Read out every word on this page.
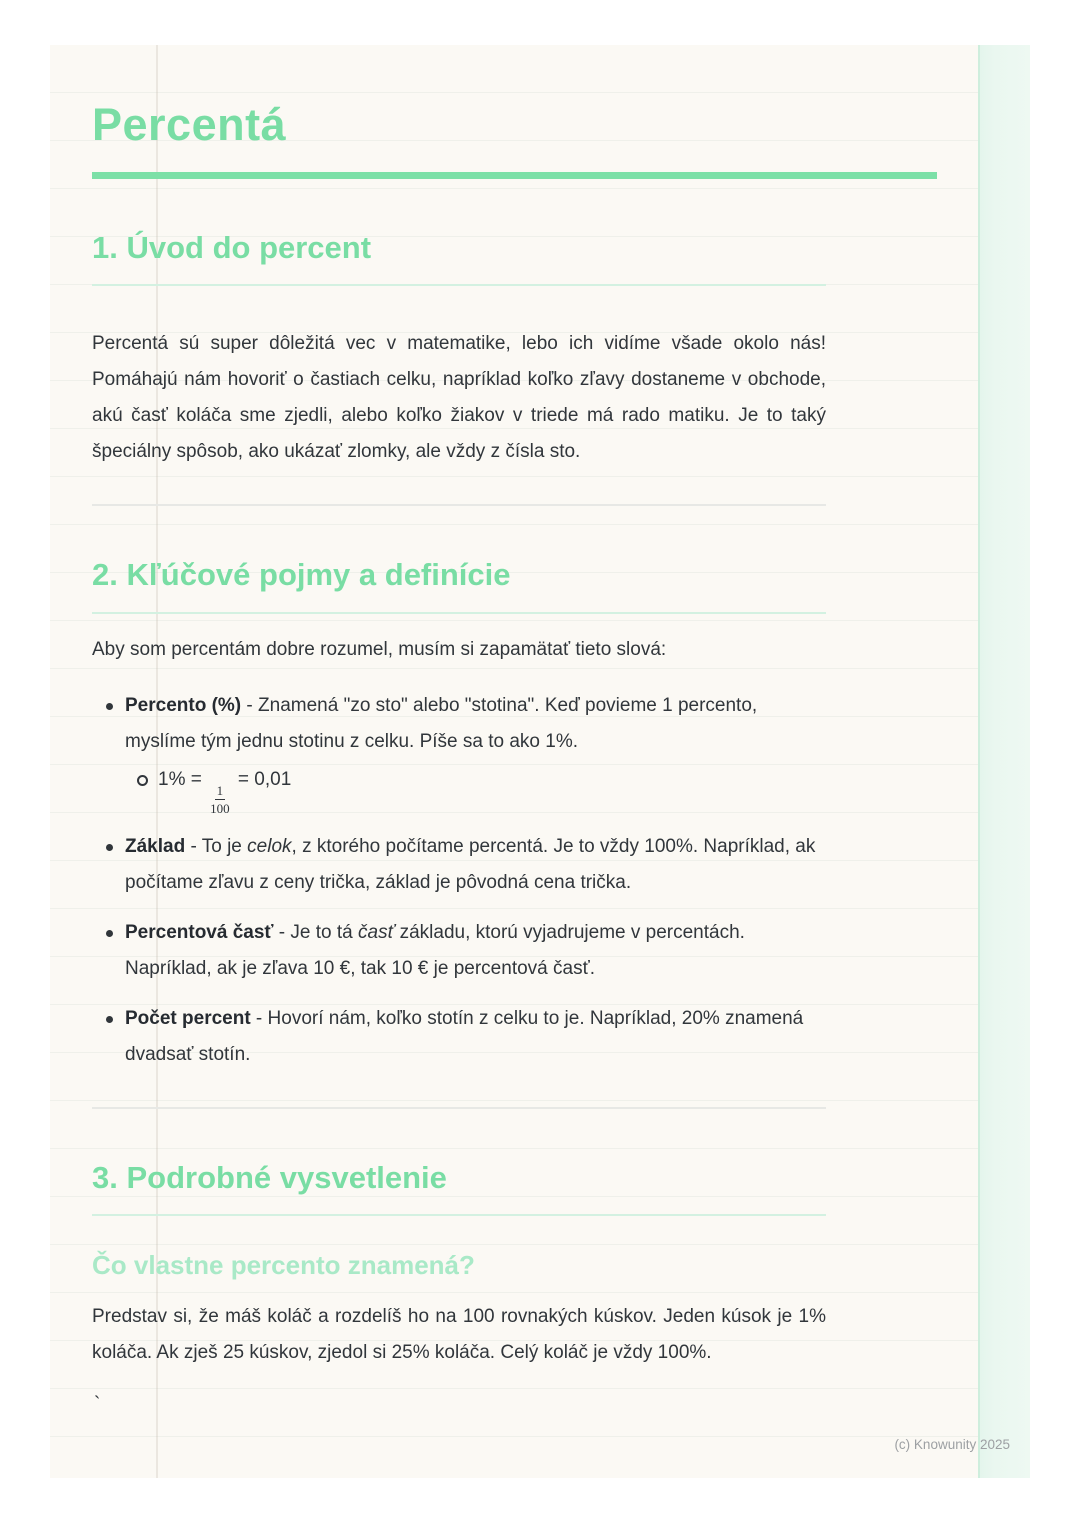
Percentá
1. Úvod do percent

Percentá sú super dôležitá vec v matematike, lebo ich vidíme všade okolo nás! Pomáhajú nám hovoriť o častiach celku, napríklad koľko zľavy dostaneme v obchode, akú časť koláča sme zjedli, alebo koľko žiakov v triede má rado matiku. Je to taký špeciálny spôsob, ako ukázať zlomky, ale vždy z čísla sto.

2. Kľúčové pojmy a definície

Aby som percentám dobre rozumel, musím si zapamätať tieto slová:

Percento (%) - Znamená "zo sto" alebo "stotina". Keď povieme 1 percento, myslíme tým jednu stotinu z celku. Píše sa to ako 1%.
1% =
$\frac{1}{100}$
= 0,01
Základ - To je celok, z ktorého počítame percentá. Je to vždy 100%. Napríklad, ak počítame zľavu z ceny trička, základ je pôvodná cena trička.
Percentová časť - Je to tá časť základu, ktorú vyjadrujeme v percentách. Napríklad, ak je zľava 10 €, tak 10 € je percentová časť.
Počet percent - Hovorí nám, koľko stotín z celku to je. Napríklad, 20% znamená dvadsať stotín.
3. Podrobné vysvetlenie
Čo vlastne percento znamená?

Predstav si, že máš koláč a rozdelíš ho na 100 rovnakých kúskov. Jeden kúsok je 1% koláča. Ak zješ 25 kúskov, zjedol si 25% koláča. Celý koláč je vždy 100%.

`

(c) Knowunity 2025
